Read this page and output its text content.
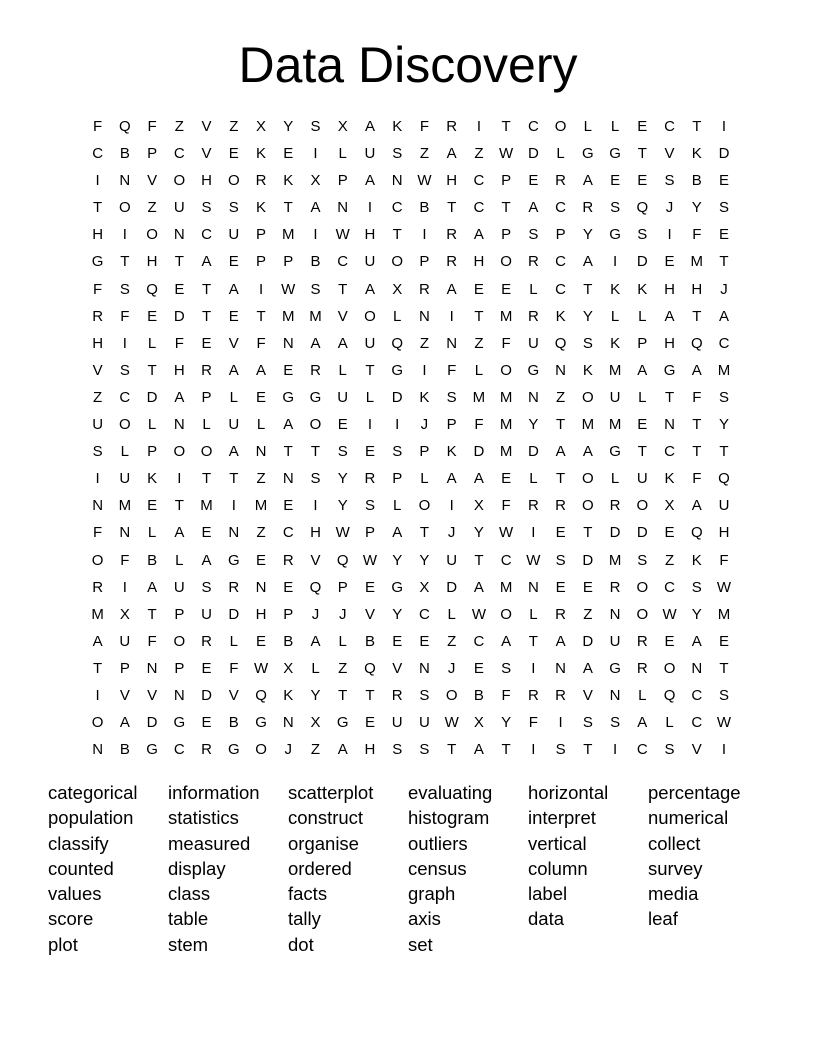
Data Discovery
F	Q	F	Z	V	Z	X	Y	S	X	A	K	F	R	I	T	C	O	L	L	E	C	T	I
C	B	P	C	V	E	K	E	I	L	U	S	Z	A	Z	W D	L	G	G	T	V	K	D
I	N	V	O	H	O	R	K	X	P	A	N W H	C	P	E	R	A	E	E	S	B	E
T	O	Z	U	S	S	K	T	A	N	I	C	B	T	C	T	A	C	R	S	Q	J	Y	S
H	I	O	N	C	U	P	M	I	W H	T	I	R	A	P	S	P	Y	G	S	I	F	E
G	T	H	T	A	E	P	P	B	C	U	O	P	R	H	O	R	C	A	I	D	E	M	T
F	S	Q	E	T	A	I	W	S	T	A	X	R	A	E	E	L	C	T	K	K	H	H	J
R	F	E	D	T	E	T	M M	V	O	L	N	I	T	M	R	K	Y	L	L	A	T	A
H	I	L	F	E	V	F	N	A	A	U	Q	Z	N	Z	F	U	Q	S	K	P	H	Q	C
V	S	T	H	R	A	A	E	R	L	T	G	I	F	L	O	G	N	K	M	A	G	A	M
Z	C	D	A	P	L	E	G	G	U	L	D	K	S	M M	N	Z	O	U	L	T	F	S
U	O	L	N	L	U	L	A	O	E	I	I	J	P	F	M	Y	T	M M	E	N	T	Y
S	L	P	O	O	A	N	T	T	S	E	S	P	K	D	M	D	A	A	G	T	C	T	T
I	U	K	I	T	T	Z	N	S	Y	R	P	L	A	A	E	L	T	O	L	U	K	F	Q
N	M	E	T	M	I	M	E	I	Y	S	L	O	I	X	F	R	R	O	R	O	X	A	U
F	N	L	A	E	N	Z	C	H W	P	A	T	J	Y	W	I	E	T	D	D	E	Q	H
O	F	B	L	A	G	E	R	V	Q W	Y	Y	U	T	C W	S	D	M	S	Z	K	F
R	I	A	U	S	R	N	E	Q	P	E	G	X	D	A	M	N	E	E	R	O	C	S	W
M	X	T	P	U	D	H	P	J	J	V	Y	C	L	W O	L	R	Z	N	O W	Y	M
A	U	F	O	R	L	E	B	A	L	B	E	E	Z	C	A	T	A	D	U	R	E	A	E
T	P	N	P	E	F	W	X	L	Z	Q	V	N	J	E	S	I	N	A	G	R	O	N	T
I	V	V	N	D	V	Q	K	Y	T	T	R	S	O	B	F	R	R	V	N	L	Q	C	S
O	A	D	G	E	B	G	N	X	G	E	U	U W	X	Y	F	I	S	S	A	L	C W
N	B	G	C	R	G	O	J	Z	A	H	S	S	T	A	T	I	S	T	I	C	S	V	I
categorical	information	scatterplot	evaluating	horizontal	percentage
population	statistics	construct	histogram	interpret	numerical
classify	measured	organise	outliers	vertical	collect
counted	display	ordered	census	column	survey
values	class	facts	graph	label	media
score	table	tally	axis	data	leaf
plot	stem	dot	set
